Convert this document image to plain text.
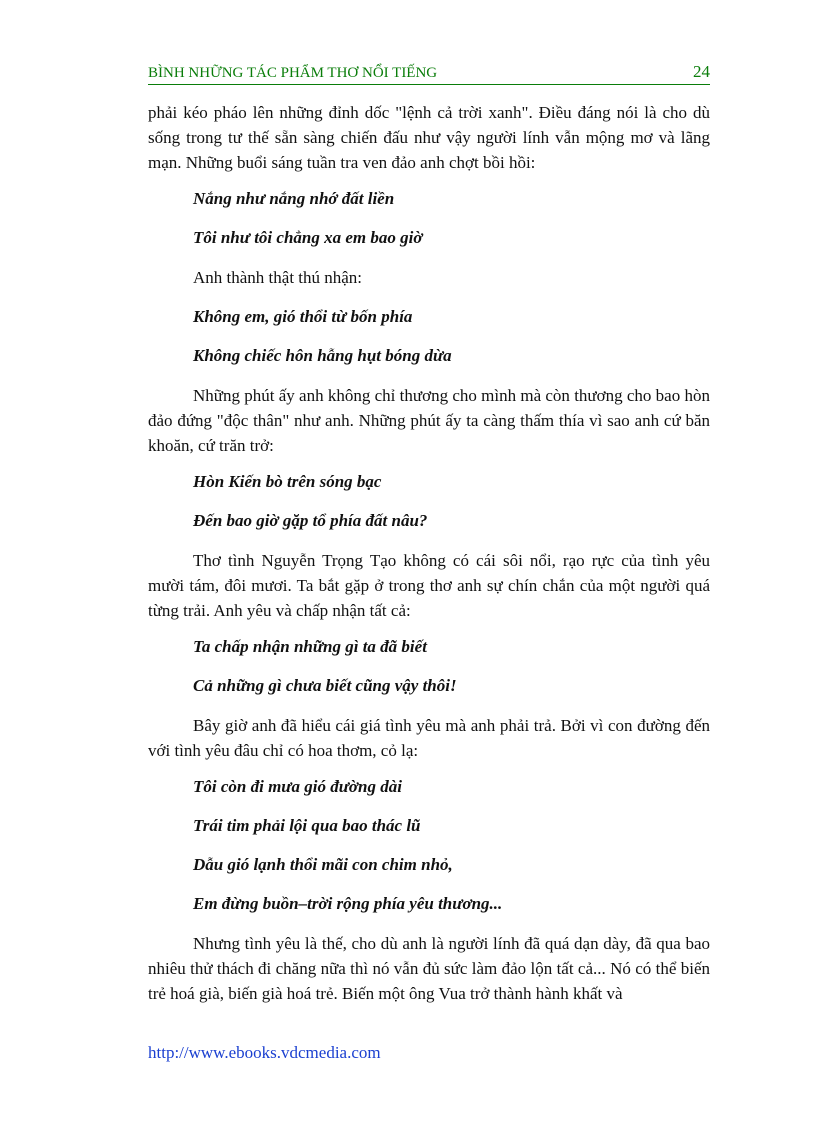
BÌNH NHỮNG TÁC PHẨM THƠ NỔI TIẾNG	24

phải kéo pháo lên những đỉnh dốc "lệnh cả trời xanh". Điều đáng nói là cho dù sống trong tư thế sẵn sàng chiến đấu như vậy người lính vẫn mộng mơ và lãng mạn. Những buổi sáng tuần tra ven đảo anh chợt bồi hồi:

Nắng như nắng nhớ đất liền
Tôi như tôi chẳng xa em bao giờ
Anh thành thật thú nhận:
Không em, gió thổi từ bốn phía
Không chiếc hôn hẫng hụt bóng dừa

Những phút ấy anh không chỉ thương cho mình mà còn thương cho bao hòn đảo đứng "độc thân" như anh. Những phút ấy ta càng thấm thía vì sao anh cứ băn khoăn, cứ trăn trở:

Hòn Kiến bò trên sóng bạc
Đến bao giờ gặp tổ phía đất nâu?

Thơ tình Nguyễn Trọng Tạo không có cái sôi nổi, rạo rực của tình yêu mười tám, đôi mươi. Ta bắt gặp ở trong thơ anh sự chín chắn của một người quá từng trải. Anh yêu và chấp nhận tất cả:

Ta chấp nhận những gì ta đã biết
Cả những gì chưa biết cũng vậy thôi!

Bây giờ anh đã hiểu cái giá tình yêu mà anh phải trả. Bởi vì con đường đến với tình yêu đâu chỉ có hoa thơm, cỏ lạ:

Tôi còn đi mưa gió đường dài
Trái tim phải lội qua bao thác lũ
Dẫu gió lạnh thổi mãi con chim nhỏ,
Em đừng buồn–trời rộng phía yêu thương...

Nhưng tình yêu là thế, cho dù anh là người lính đã quá dạn dày, đã qua bao nhiêu thử thách đi chăng nữa thì nó vẫn đủ sức làm đảo lộn tất cả... Nó có thể biến trẻ hoá già, biến già hoá trẻ. Biến một ông Vua trở thành hành khất và

http://www.ebooks.vdcmedia.com
